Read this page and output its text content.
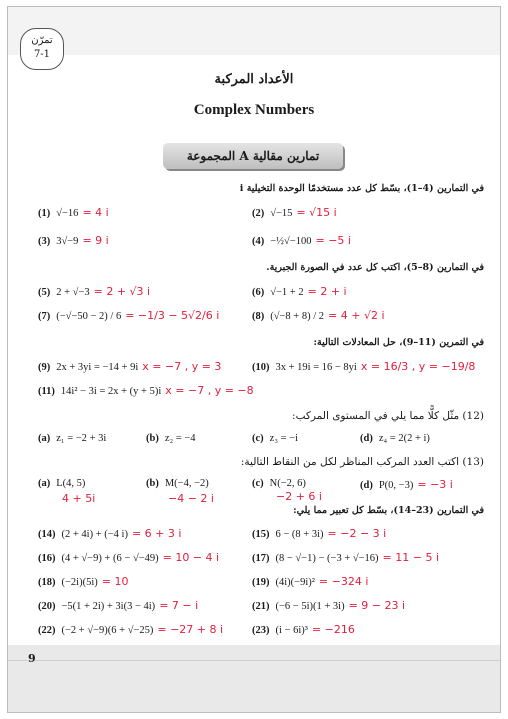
تمرّن
7-1
الأعداد المركبة
Complex Numbers
المجموعة A تمارين مقالية
في التمارين (4–1)، بسّط كل عدد مستخدمًا الوحدة التخيلية i
(1) √−16 = 4 i	(2) √−15 = √15 i
(3) 3√−9 = 9 i	(4) −½√−100 = −5 i
في التمارين (8–5)، اكتب كل عدد في الصورة الجبرية.
(5) 2 + √−3 = 2 + √3 i	(6) √−1 + 2 = 2 + i
(7) (−√−50 − 2) / 6 = −1/3 − 5√2/6 i	(8) (√−8 + 8) / 2 = 4 + √2 i
في التمرين (11–9)، حل المعادلات التالية:
(9) 2x + 3yi = −14 + 9i x = −7 , y = 3	(10) 3x + 19i = 16 − 8yi x = 16/3 , y = −19/8
(11) 14i² − 3i = 2x + (y + 5)i x = −7 , y = −8
(12) مثّل كلًّا مما يلي في المستوى المركب:
(a) z₁ = −2 + 3i	(b) z₂ = −4	(c) z₃ = −i	(d) z₄ = 2(2 + i)
(13) اكتب العدد المركب المناظر لكل من النقاط التالية:
(a) L(4, 5)	(b) M(−4, −2)	(c) N(−2, 6)	(d) P(0, −3) = −3 i
4 + 5i	−4 − 2 i	−2 + 6 i
في التمارين (23–14)، بسّط كل تعبير مما يلي:
(14) (2 + 4i) + (−4 i) = 6 + 3 i	(15) 6 − (8 + 3i) = −2 − 3 i
(16) (4 + √−9) + (6 − √−49) = 10 − 4 i	(17) (8 − √−1) − (−3 + √−16) = 11 − 5 i
(18) (−2i)(5i) = 10	(19) (4i)(−9i)² = −324 i
(20) −5(1 + 2i) + 3i(3 − 4i) = 7 − i	(21) (−6 − 5i)(1 + 3i) = 9 − 23 i
(22) (−2 + √−9)(6 + √−25) = −27 + 8 i	(23) (i − 6i)³ = −216
9
